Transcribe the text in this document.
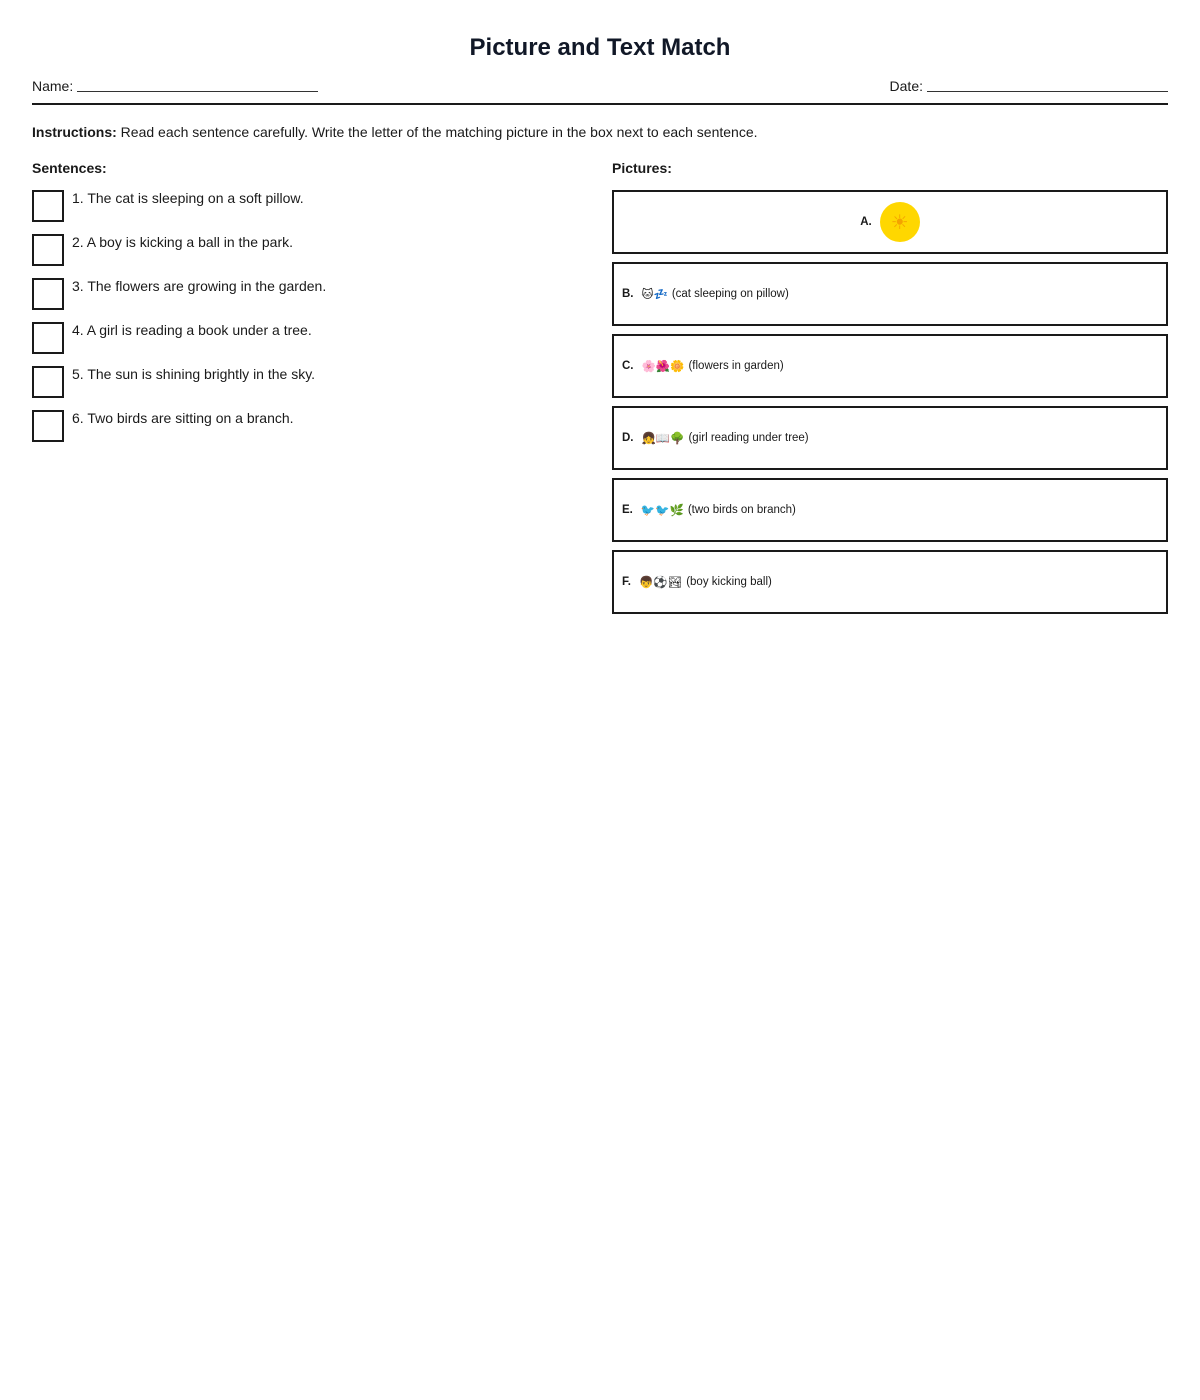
Picture and Text Match
Name:	Date:
Instructions: Read each sentence carefully. Write the letter of the matching picture in the box next to each sentence.
Sentences:
1. The cat is sleeping on a soft pillow.
2. A boy is kicking a ball in the park.
3. The flowers are growing in the garden.
4. A girl is reading a book under a tree.
5. The sun is shining brightly in the sky.
6. Two birds are sitting on a branch.
Pictures:
A. ☀
B. 🐱💤 (cat sleeping on pillow)
C. 🌸🌺🌼 (flowers in garden)
D. 👧📖🌳 (girl reading under tree)
E. 🐦🐦🌿 (two birds on branch)
F. 👦⚽🏞 (boy kicking ball)
